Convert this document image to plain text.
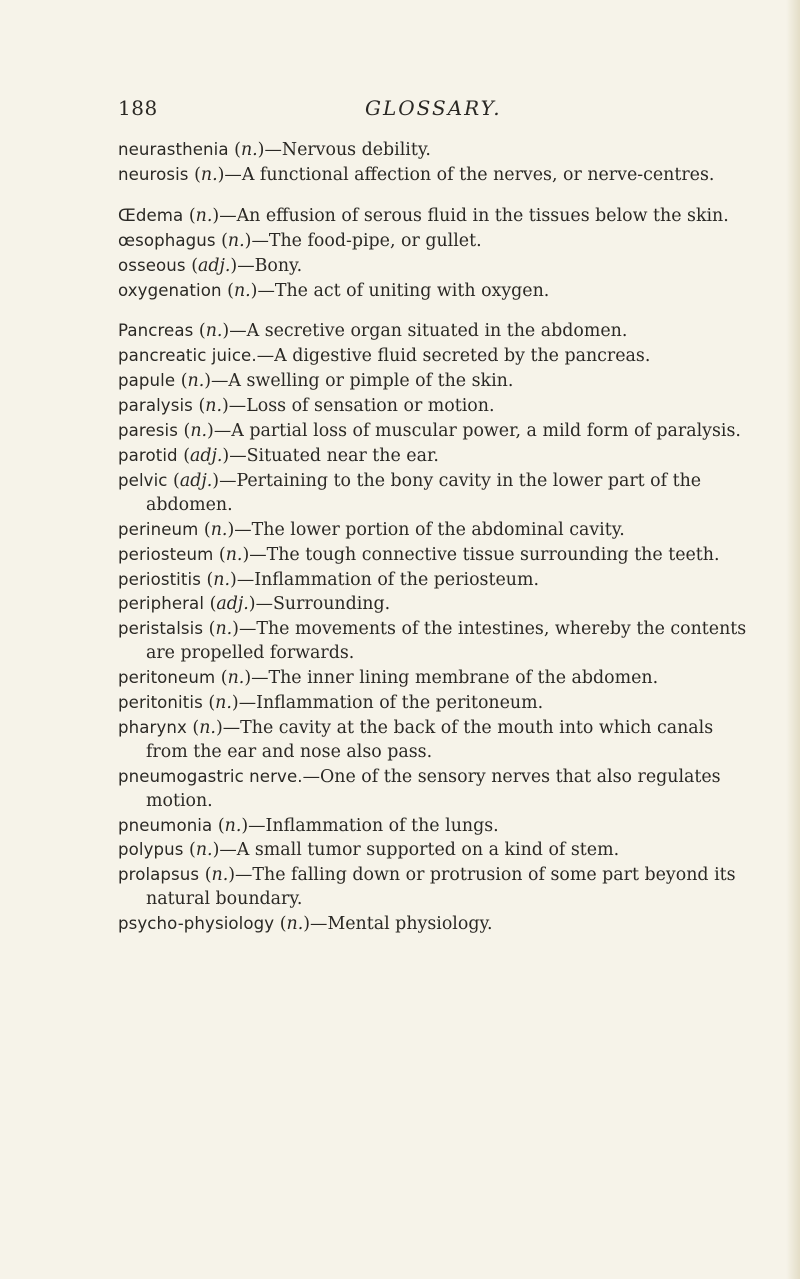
188	GLOSSARY.

neurasthenia (n.)—Nervous debility.

neurosis (n.)—A functional affection of the nerves, or nerve-centres.

Œdema (n.)—An effusion of serous fluid in the tissues below the skin.

œsophagus (n.)—The food-pipe, or gullet.

osseous (adj.)—Bony.

oxygenation (n.)—The act of uniting with oxygen.

Pancreas (n.)—A secretive organ situated in the abdomen.

pancreatic juice.—A digestive fluid secreted by the pancreas.

papule (n.)—A swelling or pimple of the skin.

paralysis (n.)—Loss of sensation or motion.

paresis (n.)—A partial loss of muscular power, a mild form of paralysis.

parotid (adj.)—Situated near the ear.

pelvic (adj.)—Pertaining to the bony cavity in the lower part of the abdomen.

perineum (n.)—The lower portion of the abdominal cavity.

periosteum (n.)—The tough connective tissue surrounding the teeth.

periostitis (n.)—Inflammation of the periosteum.

peripheral (adj.)—Surrounding.

peristalsis (n.)—The movements of the intestines, whereby the contents are propelled forwards.

peritoneum (n.)—The inner lining membrane of the abdomen.

peritonitis (n.)—Inflammation of the peritoneum.

pharynx (n.)—The cavity at the back of the mouth into which canals from the ear and nose also pass.

pneumogastric nerve.—One of the sensory nerves that also regulates motion.

pneumonia (n.)—Inflammation of the lungs.

polypus (n.)—A small tumor supported on a kind of stem.

prolapsus (n.)—The falling down or protrusion of some part beyond its natural boundary.

psycho-physiology (n.)—Mental physiology.
